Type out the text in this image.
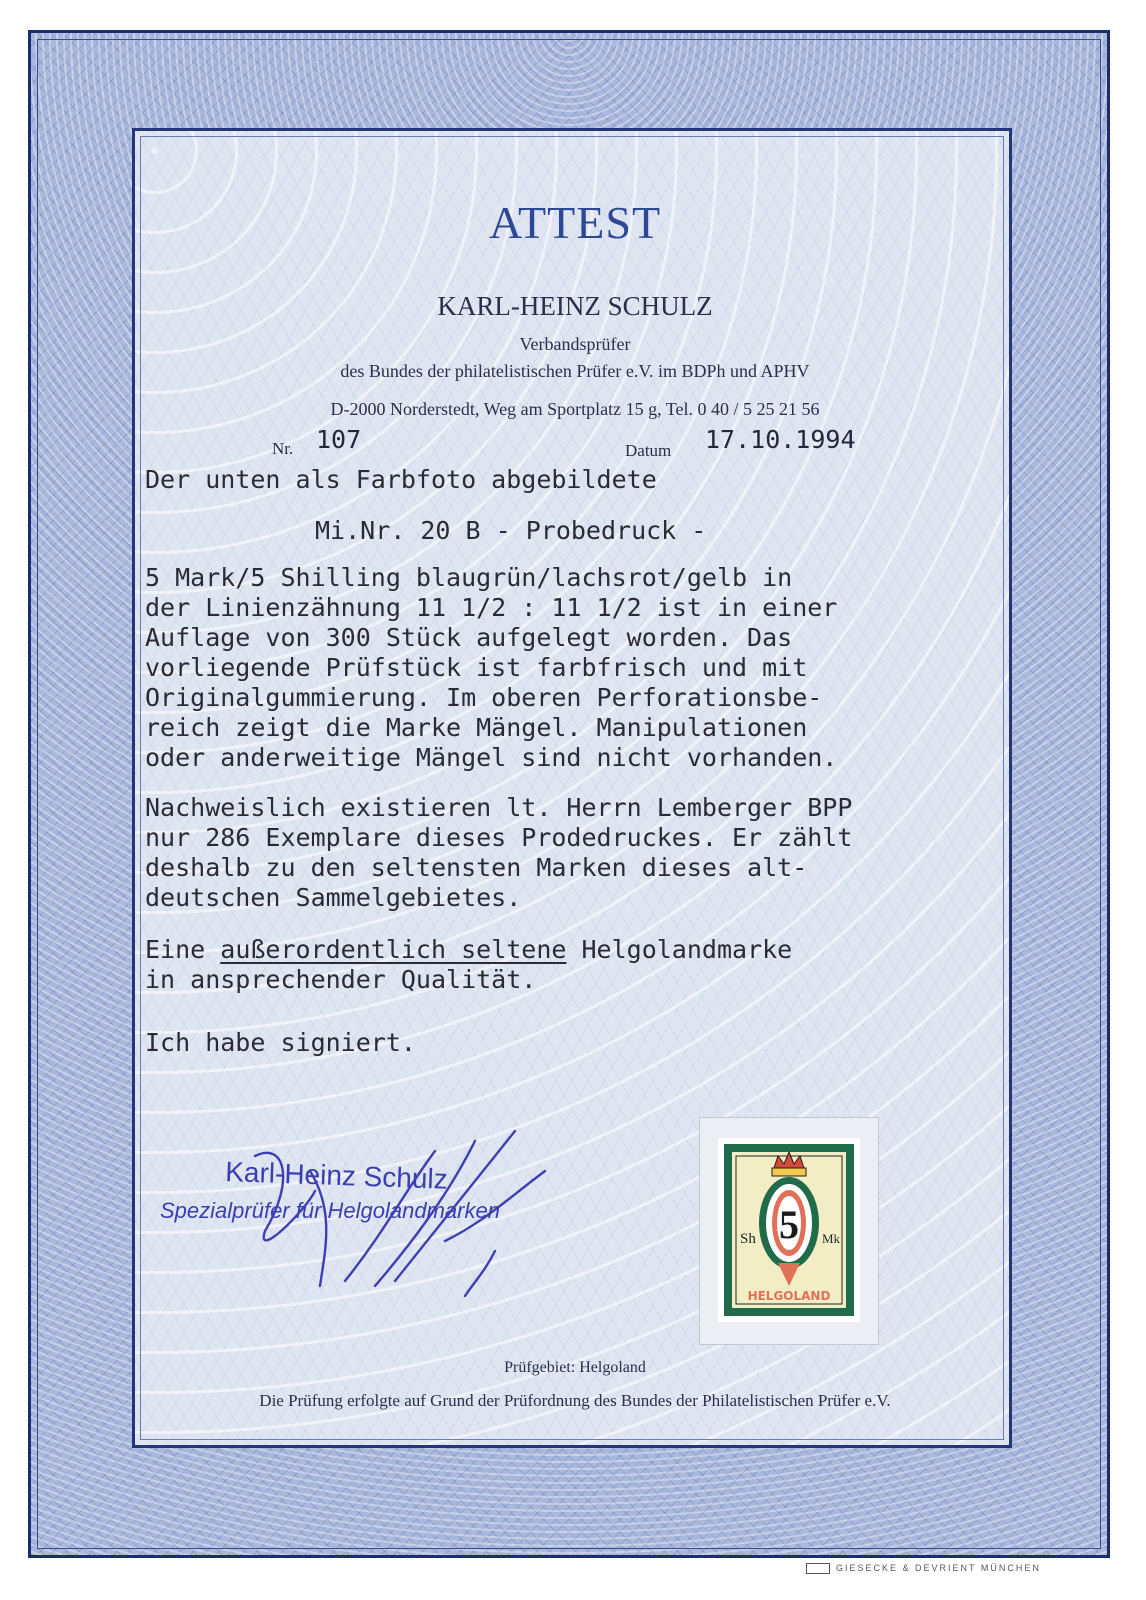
ATTEST
KARL-HEINZ SCHULZ
Verbandsprüfer
des Bundes der philatelistischen Prüfer e.V. im BDPh und APHV
D-2000 Norderstedt, Weg am Sportplatz 15 g, Tel. 0 40 / 5 25 21 56
Nr. 107	Datum 17.10.1994
Der unten als Farbfoto abgebildete
Mi.Nr. 20 B - Probedruck -
5 Mark/5 Shilling blaugrün/lachsrot/gelb in
der Linienzähnung 11 1/2 : 11 1/2 ist in einer
Auflage von 300 Stück aufgelegt worden. Das
vorliegende Prüfstück ist farbfrisch und mit
Originalgummierung. Im oberen Perforationsbe-
reich zeigt die Marke Mängel. Manipulationen
oder anderweitige Mängel sind nicht vorhanden.
Nachweislich existieren lt. Herrn Lemberger BPP
nur 286 Exemplare dieses Prodedruckes. Er zählt
deshalb zu den seltensten Marken dieses alt-
deutschen Sammelgebietes.
Eine außerordentlich seltene Helgolandmarke
in ansprechender Qualität.
Ich habe signiert.
Karl-Heinz Schulz
Spezialprüfer für Helgolandmarken	5
Sh	Mk
HELGOLAND
Prüfgebiet: Helgoland
Die Prüfung erfolgte auf Grund der Prüfordnung des Bundes der Philatelistischen Prüfer e.V.
GIESECKE & DEVRIENT MÜNCHEN
